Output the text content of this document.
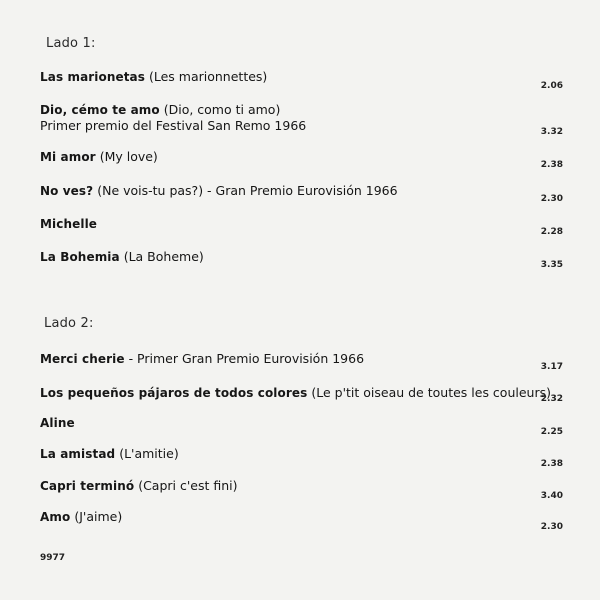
Lado 1:
Las marionetas (Les marionnettes)
2.06
Dio, cémo te amo (Dio, como ti amo)
Primer premio del Festival San Remo 1966	3.32
Mi amor (My love)
2.38
No ves? (Ne vois-tu pas?) - Gran Premio Eurovisión 1966
2.30
Michelle
2.28
La Bohemia (La Boheme)
3.35
Lado 2:
Merci cherie - Primer Gran Premio Eurovisión 1966
3.17
Los pequeños pájaros de todos colores (Le p'tit oiseau de toutes les couleurs)
2.32
Aline
2.25
La amistad (L'amitie)
2.38
Capri terminó (Capri c'est fini)
3.40
Amo (J'aime)
2.30
9977
